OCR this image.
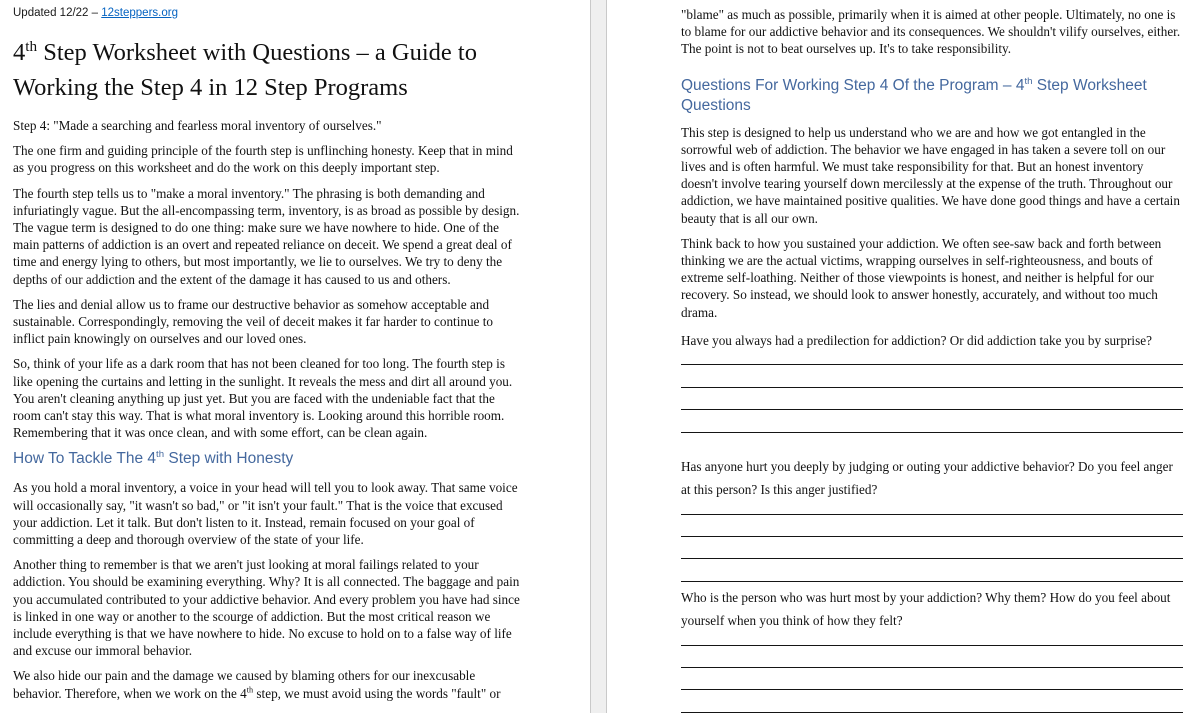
Updated 12/22 – 12steppers.org
4th Step Worksheet with Questions – a Guide to Working the Step 4 in 12 Step Programs

Step 4: "Made a searching and fearless moral inventory of ourselves."

The one firm and guiding principle of the fourth step is unflinching honesty. Keep that in mind as you progress on this worksheet and do the work on this deeply important step.

The fourth step tells us to "make a moral inventory." The phrasing is both demanding and infuriatingly vague. But the all-encompassing term, inventory, is as broad as possible by design. The vague term is designed to do one thing: make sure we have nowhere to hide. One of the main patterns of addiction is an overt and repeated reliance on deceit. We spend a great deal of time and energy lying to others, but most importantly, we lie to ourselves. We try to deny the depths of our addiction and the extent of the damage it has caused to us and others.

The lies and denial allow us to frame our destructive behavior as somehow acceptable and sustainable. Correspondingly, removing the veil of deceit makes it far harder to continue to inflict pain knowingly on ourselves and our loved ones.

So, think of your life as a dark room that has not been cleaned for too long. The fourth step is like opening the curtains and letting in the sunlight. It reveals the mess and dirt all around you. You aren't cleaning anything up just yet. But you are faced with the undeniable fact that the room can't stay this way. That is what moral inventory is. Looking around this horrible room. Remembering that it was once clean, and with some effort, can be clean again.

How To Tackle The 4th Step with Honesty

As you hold a moral inventory, a voice in your head will tell you to look away. That same voice will occasionally say, "it wasn't so bad," or "it isn't your fault." That is the voice that excused your addiction. Let it talk. But don't listen to it. Instead, remain focused on your goal of committing a deep and thorough overview of the state of your life.

Another thing to remember is that we aren't just looking at moral failings related to your addiction. You should be examining everything. Why? It is all connected. The baggage and pain you accumulated contributed to your addictive behavior. And every problem you have had since is linked in one way or another to the scourge of addiction. But the most critical reason we include everything is that we have nowhere to hide. No excuse to hold on to a false way of life and excuse our immoral behavior.

We also hide our pain and the damage we caused by blaming others for our inexcusable behavior. Therefore, when we work on the 4th step, we must avoid using the words "fault" or

"blame" as much as possible, primarily when it is aimed at other people. Ultimately, no one is to blame for our addictive behavior and its consequences. We shouldn't vilify ourselves, either. The point is not to beat ourselves up. It's to take responsibility.

Questions For Working Step 4 Of the Program – 4th Step Worksheet Questions

This step is designed to help us understand who we are and how we got entangled in the sorrowful web of addiction. The behavior we have engaged in has taken a severe toll on our lives and is often harmful. We must take responsibility for that. But an honest inventory doesn't involve tearing yourself down mercilessly at the expense of the truth. Throughout our addiction, we have maintained positive qualities. We have done good things and have a certain beauty that is all our own.

Think back to how you sustained your addiction. We often see-saw back and forth between thinking we are the actual victims, wrapping ourselves in self-righteousness, and bouts of extreme self-loathing. Neither of those viewpoints is honest, and neither is helpful for our recovery. So instead, we should look to answer honestly, accurately, and without too much drama.

Have you always had a predilection for addiction? Or did addiction take you by surprise?

Has anyone hurt you deeply by judging or outing your addictive behavior? Do you feel anger at this person? Is this anger justified?

Who is the person who was hurt most by your addiction? Why them? How do you feel about yourself when you think of how they felt?
